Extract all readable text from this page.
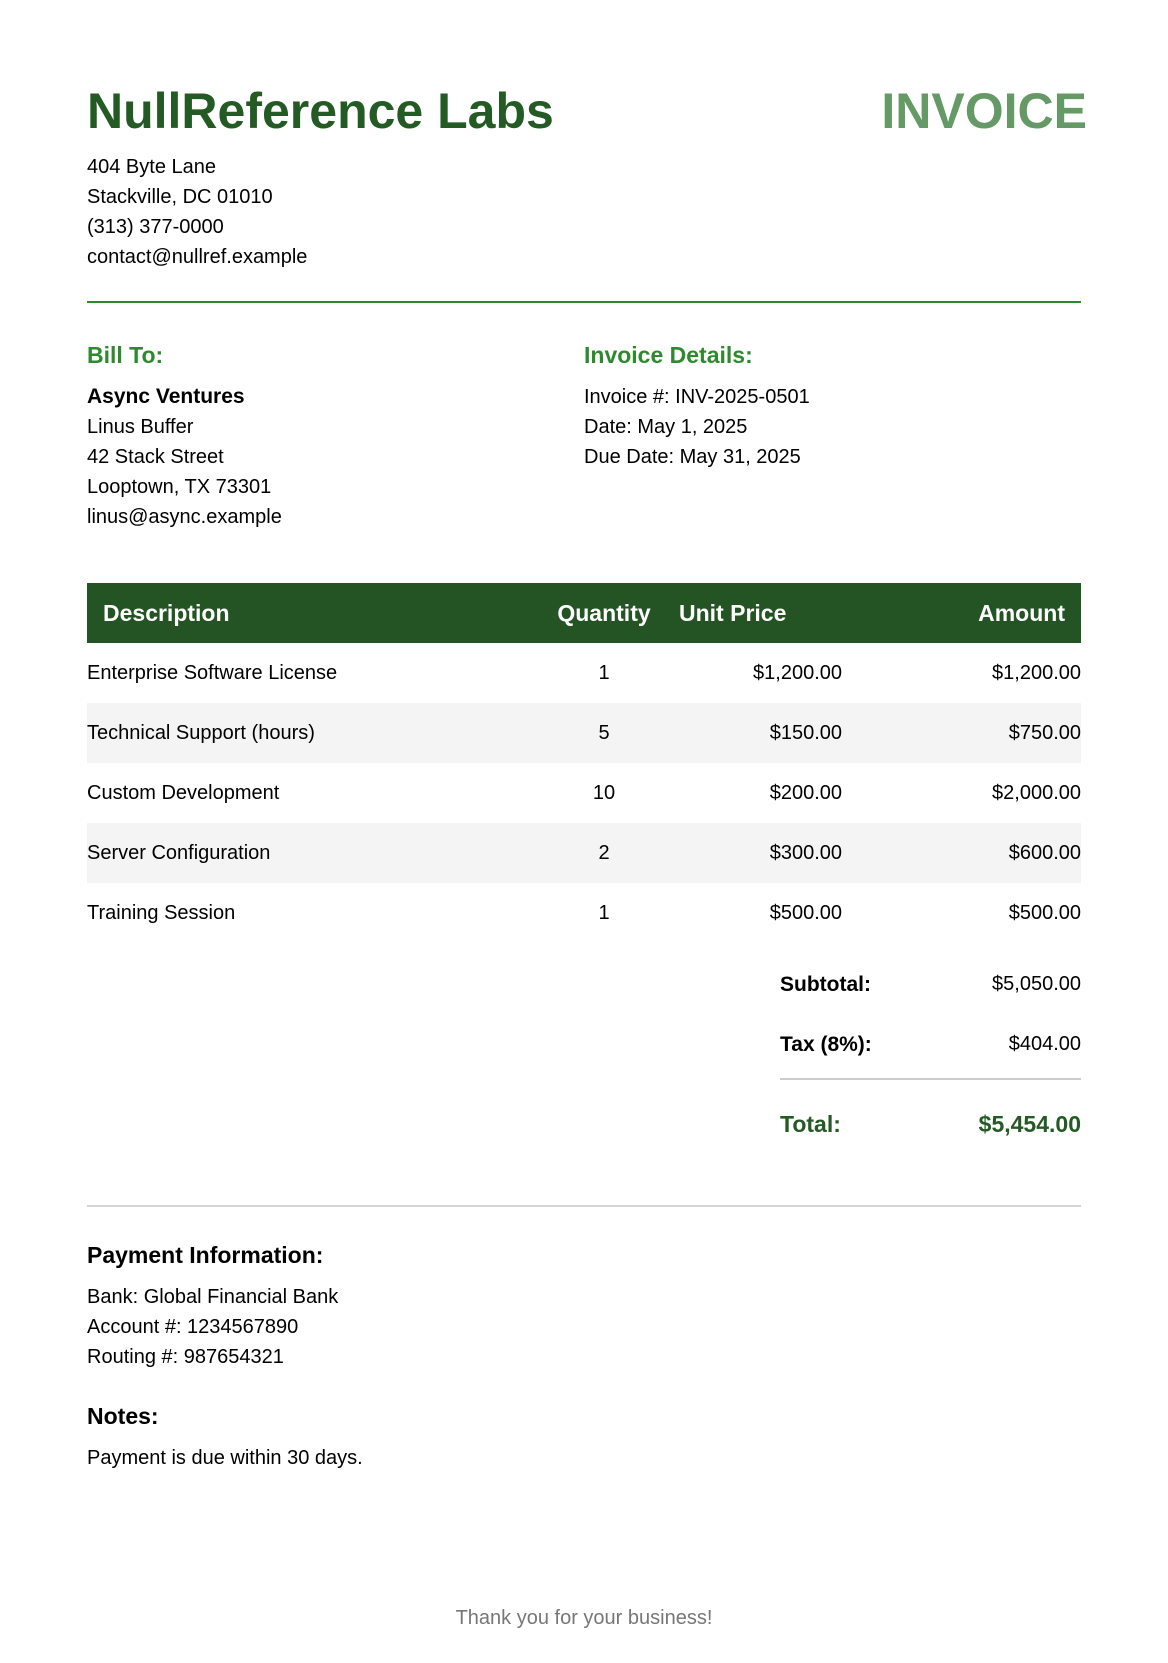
NullReference Labs	INVOICE
404 Byte Lane
Stackville, DC 01010
(313) 377-0000
contact@nullref.example
Bill To:
Async Ventures
Linus Buffer
42 Stack Street
Looptown, TX 73301
linus@async.example
Invoice Details:
Invoice #: INV-2025-0501
Date: May 1, 2025
Due Date: May 31, 2025
Description	Quantity	Unit Price	Amount
Enterprise Software License	1	$1,200.00	$1,200.00
Technical Support (hours)	5	$150.00	$750.00
Custom Development	10	$200.00	$2,000.00
Server Configuration	2	$300.00	$600.00
Training Session	1	$500.00	$500.00
Subtotal:	$5,050.00
Tax (8%):	$404.00
Total:	$5,454.00
Payment Information:
Bank: Global Financial Bank
Account #: 1234567890
Routing #: 987654321
Notes:
Payment is due within 30 days.
Thank you for your business!
